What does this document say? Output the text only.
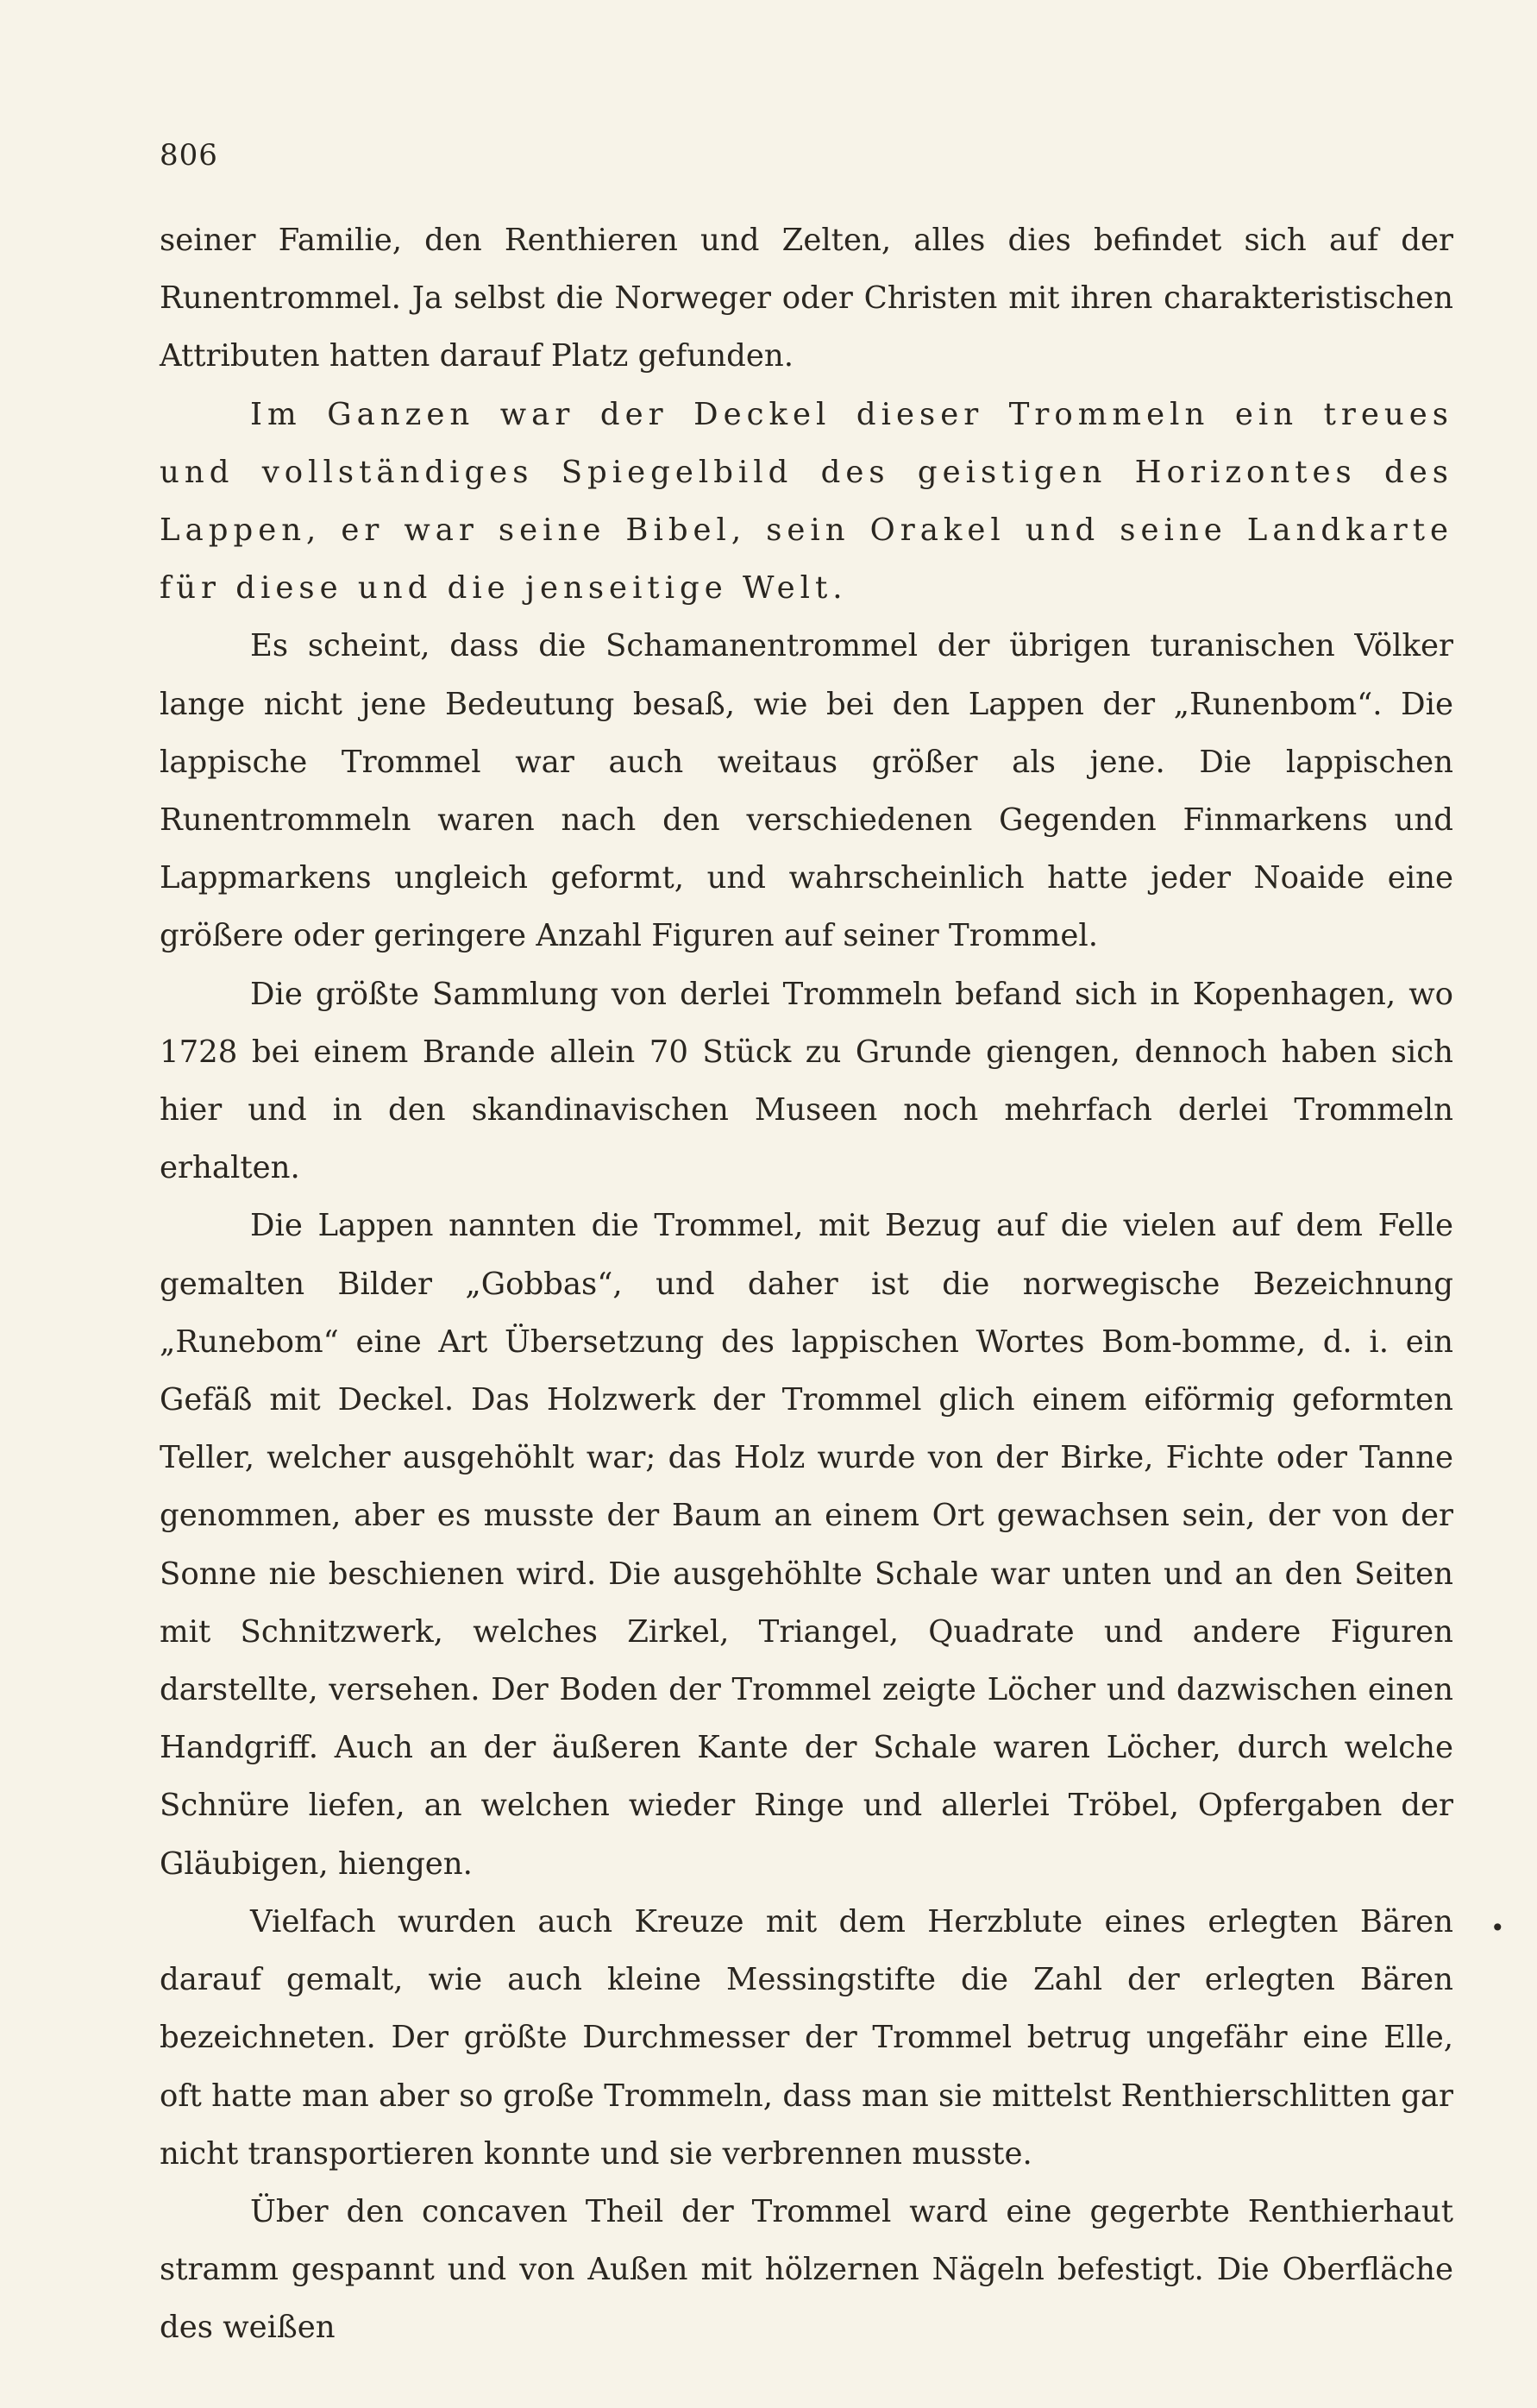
806

seiner Familie, den Renthieren und Zelten, alles dies befindet sich auf der Runentrommel. Ja selbst die Norweger oder Christen mit ihren charakteristischen Attributen hatten darauf Platz gefunden.

Im Ganzen war der Deckel dieser Trommeln ein treues und vollständiges Spiegelbild des geistigen Horizontes des Lappen, er war seine Bibel, sein Orakel und seine Landkarte für diese und die jenseitige Welt.

Es scheint, dass die Schamanentrommel der übrigen turanischen Völker lange nicht jene Bedeutung besaß, wie bei den Lappen der „Runenbom“. Die lappische Trommel war auch weitaus größer als jene. Die lappischen Runentrommeln waren nach den verschiedenen Gegenden Finmarkens und Lappmarkens ungleich geformt, und wahrscheinlich hatte jeder Noaide eine größere oder geringere Anzahl Figuren auf seiner Trommel.

Die größte Sammlung von derlei Trommeln befand sich in Kopenhagen, wo 1728 bei einem Brande allein 70 Stück zu Grunde giengen, dennoch haben sich hier und in den skandinavischen Museen noch mehrfach derlei Trommeln erhalten.

Die Lappen nannten die Trommel, mit Bezug auf die vielen auf dem Felle gemalten Bilder „Gobbas“, und daher ist die norwegische Bezeichnung „Runebom“ eine Art Übersetzung des lappischen Wortes Bom-bomme, d. i. ein Gefäß mit Deckel. Das Holzwerk der Trommel glich einem eiförmig geformten Teller, welcher ausgehöhlt war; das Holz wurde von der Birke, Fichte oder Tanne genommen, aber es musste der Baum an einem Ort gewachsen sein, der von der Sonne nie beschienen wird. Die ausgehöhlte Schale war unten und an den Seiten mit Schnitzwerk, welches Zirkel, Triangel, Quadrate und andere Figuren darstellte, versehen. Der Boden der Trommel zeigte Löcher und dazwischen einen Handgriff. Auch an der äußeren Kante der Schale waren Löcher, durch welche Schnüre liefen, an welchen wieder Ringe und allerlei Tröbel, Opfergaben der Gläubigen, hiengen.

Vielfach wurden auch Kreuze mit dem Herzblute eines erlegten Bären darauf gemalt, wie auch kleine Messingstifte die Zahl der erlegten Bären bezeichneten. Der größte Durchmesser der Trommel betrug ungefähr eine Elle, oft hatte man aber so große Trommeln, dass man sie mittelst Renthierschlitten gar nicht transportieren konnte und sie verbrennen musste.

Über den concaven Theil der Trommel ward eine gegerbte Renthierhaut stramm gespannt und von Außen mit hölzernen Nägeln befestigt. Die Oberfläche des weißen

•
